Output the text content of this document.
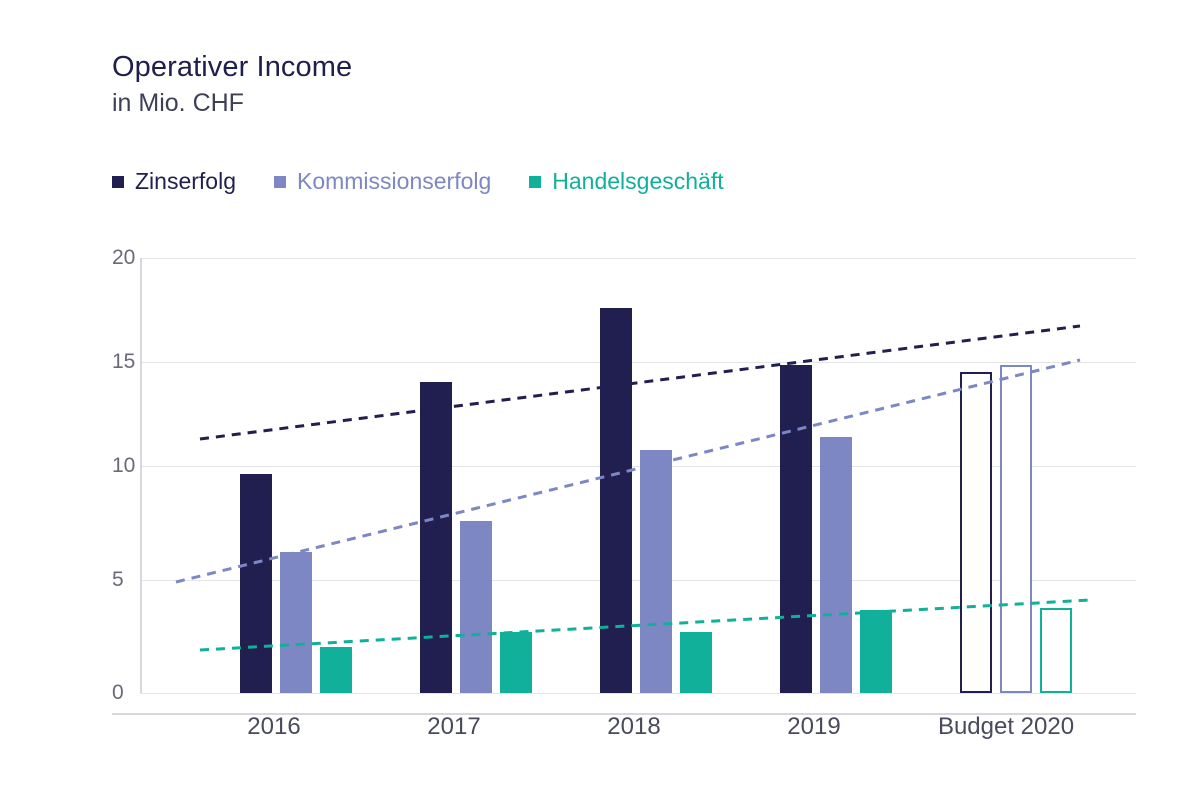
Operativer Income
in Mio. CHF
Zinserfolg	Kommissionserfolg	Handelsgeschäft
20
15
10
5
0
2016	2017	2018	2019	Budget 2020
